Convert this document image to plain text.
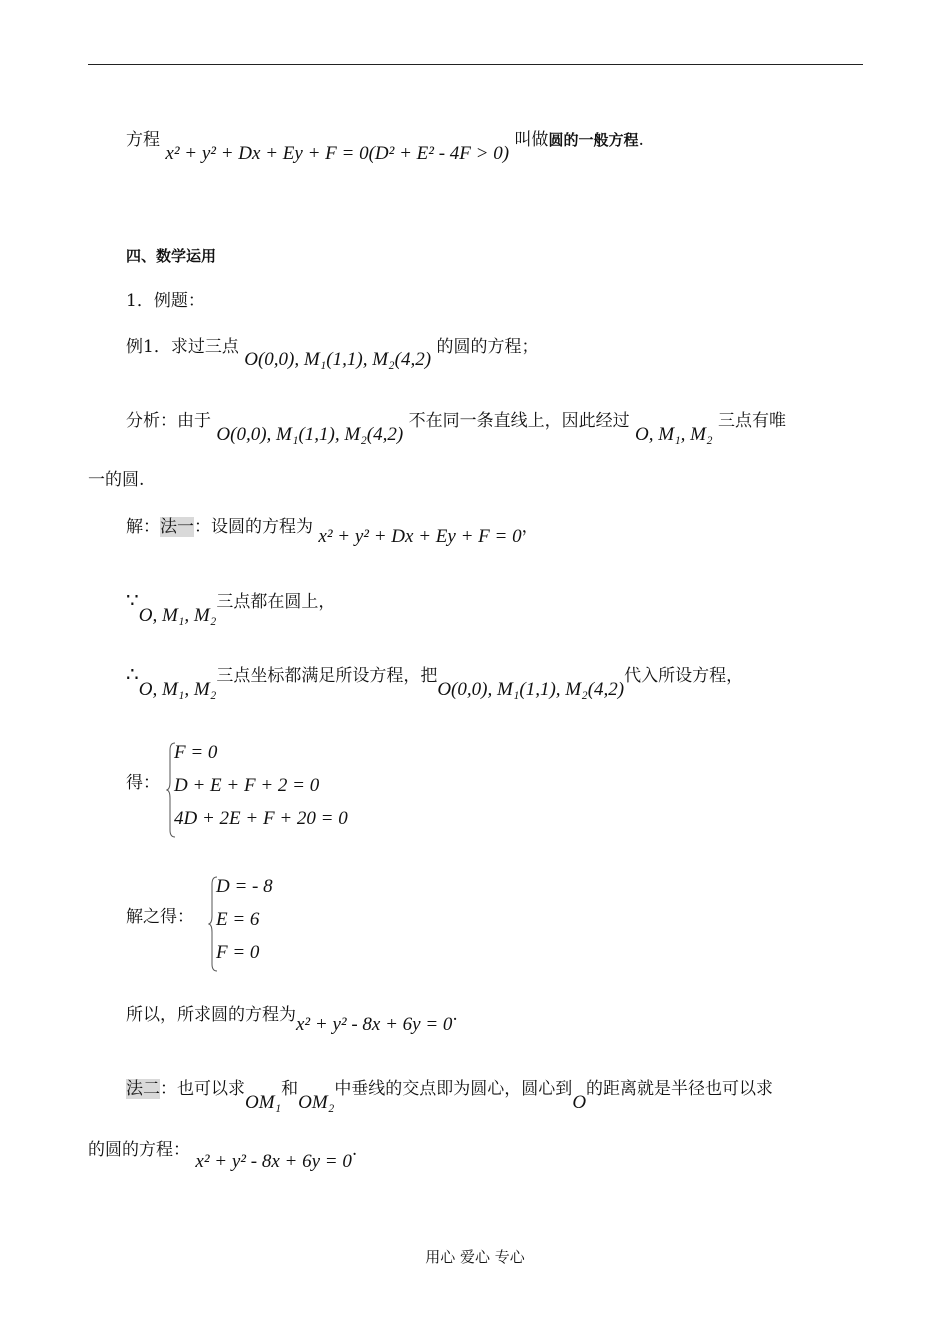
方程 x² + y² + Dx + Ey + F = 0(D² + E² - 4F > 0) 叫做圆的一般方程.
四、数学运用
1．例题：
例1．求过三点 O(0,0), M₁(1,1), M₂(4,2) 的圆的方程；
分析：由于 O(0,0), M₁(1,1), M₂(4,2) 不在同一条直线上，因此经过 O, M₁, M₂ 三点有唯
一的圆.
解：法一：设圆的方程为 x² + y² + Dx + Ey + F = 0，
∵O, M₁, M₂三点都在圆上，
∴O, M₁, M₂三点坐标都满足所设方程，把O(0,0), M₁(1,1), M₂(4,2)代入所设方程，
得：
F = 0
D + E + F + 2 = 0
4D + 2E + F + 20 = 0
解之得：
D = - 8
E = 6
F = 0
所以，所求圆的方程为x² + y² - 8x + 6y = 0.
法二：也可以求OM₁和OM₂中垂线的交点即为圆心，圆心到O的距离就是半径也可以求
的圆的方程： x² + y² - 8x + 6y = 0.
用心 爱心 专心
